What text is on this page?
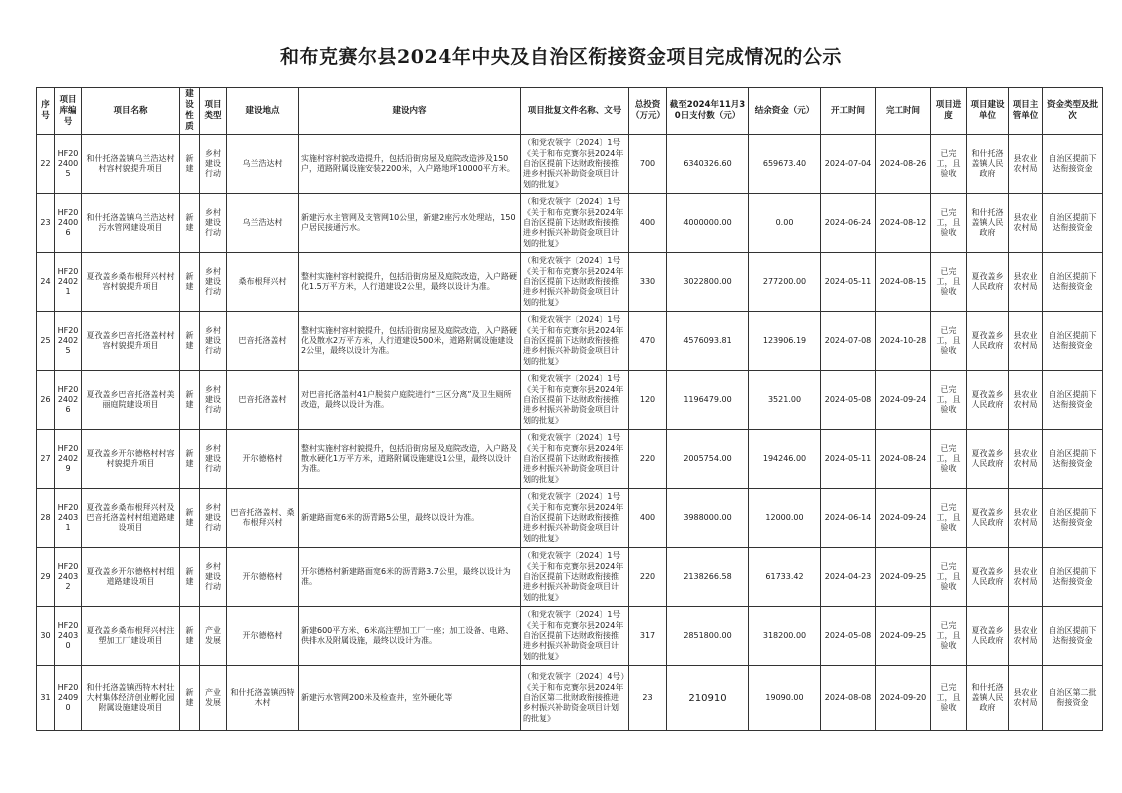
和布克赛尔县2024年中央及自治区衔接资金项目完成情况的公示
序号	项目库编号	项目名称	建设性质	项目类型	建设地点	建设内容	项目批复文件名称、文号	总投资（万元）	截至2024年11月30日支付数（元）	结余资金（元）	开工时间	完工时间	项目进度	项目建设单位	项目主管单位	资金类型及批次
22	HF2024005	和什托洛盖镇乌兰浩达村村容村貌提升项目	新建	乡村建设行动	乌兰浩达村	实施村容村貌改造提升，包括沿街房屋及庭院改造涉及150户，道路附属设施安装2200米，入户路地坪10000平方米。	（和党农领字〔2024〕1号《关于和布克赛尔县2024年自治区提前下达财政衔接推进乡村振兴补助资金项目计划的批复》	700	6340326.60	659673.40	2024-07-04	2024-08-26	已完工，且验收	和什托洛盖镇人民政府	县农业农村局	自治区提前下达衔接资金
23	HF2024006	和什托洛盖镇乌兰浩达村污水管网建设项目	新建	乡村建设行动	乌兰浩达村	新建污水主管网及支管网10公里，新建2座污水处理站，150户居民接通污水。	（和党农领字〔2024〕1号《关于和布克赛尔县2024年自治区提前下达财政衔接推进乡村振兴补助资金项目计划的批复》	400	4000000.00	0.00	2024-06-24	2024-08-12	已完工，且验收	和什托洛盖镇人民政府	县农业农村局	自治区提前下达衔接资金
24	HF2024021	夏孜盖乡桑布根拜兴村村容村貌提升项目	新建	乡村建设行动	桑布根拜兴村	整村实施村容村貌提升，包括沿街房屋及庭院改造，入户路硬化1.5万平方米，人行道建设2公里，最终以设计为准。	（和党农领字〔2024〕1号《关于和布克赛尔县2024年自治区提前下达财政衔接推进乡村振兴补助资金项目计划的批复》	330	3022800.00	277200.00	2024-05-11	2024-08-15	已完工，且验收	夏孜盖乡人民政府	县农业农村局	自治区提前下达衔接资金
25	HF2024025	夏孜盖乡巴音托洛盖村村容村貌提升项目	新建	乡村建设行动	巴音托洛盖村	整村实施村容村貌提升，包括沿街房屋及庭院改造，入户路硬化及散水2万平方米，人行道建设500米，道路附属设施建设2公里，最终以设计为准。	（和党农领字〔2024〕1号《关于和布克赛尔县2024年自治区提前下达财政衔接推进乡村振兴补助资金项目计划的批复》	470	4576093.81	123906.19	2024-07-08	2024-10-28	已完工，且验收	夏孜盖乡人民政府	县农业农村局	自治区提前下达衔接资金
26	HF2024026	夏孜盖乡巴音托洛盖村美丽庭院建设项目	新建	乡村建设行动	巴音托洛盖村	对巴音托洛盖村41户脱贫户庭院进行“三区分离”及卫生厕所改造，最终以设计为准。	（和党农领字〔2024〕1号《关于和布克赛尔县2024年自治区提前下达财政衔接推进乡村振兴补助资金项目计划的批复》	120	1196479.00	3521.00	2024-05-08	2024-09-24	已完工，且验收	夏孜盖乡人民政府	县农业农村局	自治区提前下达衔接资金
27	HF2024029	夏孜盖乡开尔德格村村容村貌提升项目	新建	乡村建设行动	开尔德格村	整村实施村容村貌提升，包括沿街房屋及庭院改造，入户路及散水硬化1万平方米，道路附属设施建设1公里，最终以设计为准。	（和党农领字〔2024〕1号《关于和布克赛尔县2024年自治区提前下达财政衔接推进乡村振兴补助资金项目计划的批复》	220	2005754.00	194246.00	2024-05-11	2024-08-24	已完工，且验收	夏孜盖乡人民政府	县农业农村局	自治区提前下达衔接资金
28	HF2024031	夏孜盖乡桑布根拜兴村及巴音托洛盖村村组道路建设项目	新建	乡村建设行动	巴音托洛盖村、桑布根拜兴村	新建路面宽6米的沥青路5公里，最终以设计为准。	（和党农领字〔2024〕1号《关于和布克赛尔县2024年自治区提前下达财政衔接推进乡村振兴补助资金项目计划的批复》	400	3988000.00	12000.00	2024-06-14	2024-09-24	已完工，且验收	夏孜盖乡人民政府	县农业农村局	自治区提前下达衔接资金
29	HF2024032	夏孜盖乡开尔德格村村组道路建设项目	新建	乡村建设行动	开尔德格村	开尔德格村新建路面宽6米的沥青路3.7公里，最终以设计为准。	（和党农领字〔2024〕1号《关于和布克赛尔县2024年自治区提前下达财政衔接推进乡村振兴补助资金项目计划的批复》	220	2138266.58	61733.42	2024-04-23	2024-09-25	已完工，且验收	夏孜盖乡人民政府	县农业农村局	自治区提前下达衔接资金
30	HF2024030	夏孜盖乡桑布根拜兴村注塑加工厂建设项目	新建	产业发展	开尔德格村	新建600平方米、6米高注塑加工厂一座；加工设备、电路、供排水及附属设施，最终以设计为准。	（和党农领字〔2024〕1号《关于和布克赛尔县2024年自治区提前下达财政衔接推进乡村振兴补助资金项目计划的批复》	317	2851800.00	318200.00	2024-05-08	2024-09-25	已完工，且验收	夏孜盖乡人民政府	县农业农村局	自治区提前下达衔接资金
31	HF2024090	和什托洛盖镇西特木村壮大村集体经济创业孵化园附属设施建设项目	新建	产业发展	和什托洛盖镇西特木村	新建污水管网200米及检查井，室外硬化等	（和党农领字〔2024〕4号）《关于和布克赛尔县2024年自治区第二批财政衔接推进乡村振兴补助资金项目计划的批复》	23	210910	19090.00	2024-08-08	2024-09-20	已完工，且验收	和什托洛盖镇人民政府	县农业农村局	自治区第二批衔接资金
